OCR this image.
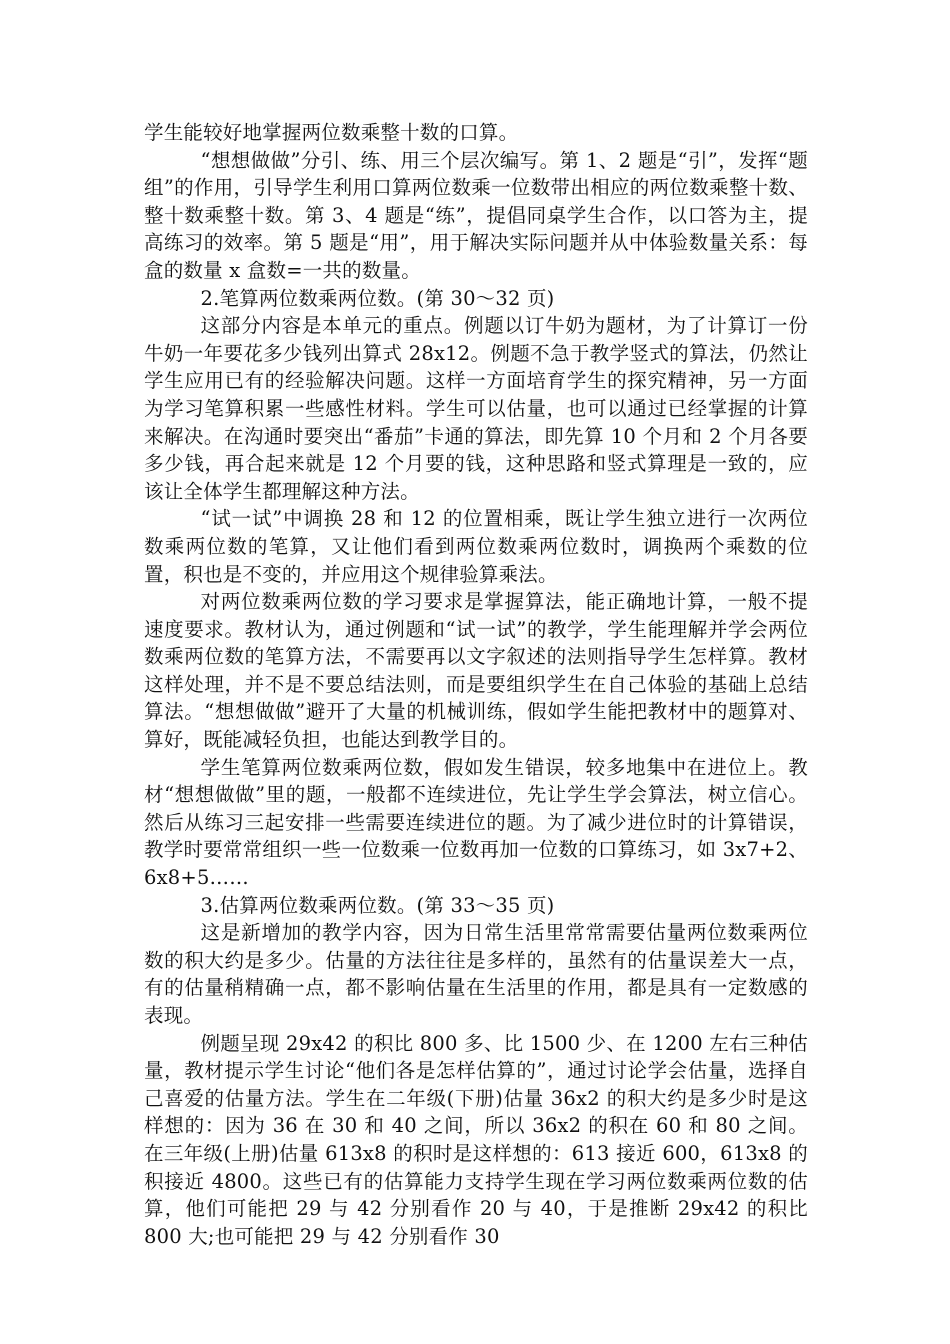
学生能较好地掌握两位数乘整十数的口算。

“想想做做”分引、练、用三个层次编写。第 1、2 题是“引”，发挥“题组”的作用，引导学生利用口算两位数乘一位数带出相应的两位数乘整十数、整十数乘整十数。第 3、4 题是“练”，提倡同桌学生合作，以口答为主，提高练习的效率。第 5 题是“用”，用于解决实际问题并从中体验数量关系：每盒的数量 x 盒数=一共的数量。

2.笔算两位数乘两位数。(第 30～32 页)

这部分内容是本单元的重点。例题以订牛奶为题材，为了计算订一份牛奶一年要花多少钱列出算式 28x12。例题不急于教学竖式的算法，仍然让学生应用已有的经验解决问题。这样一方面培育学生的探究精神，另一方面为学习笔算积累一些感性材料。学生可以估量，也可以通过已经掌握的计算来解决。在沟通时要突出“番茄”卡通的算法，即先算 10 个月和 2 个月各要多少钱，再合起来就是 12 个月要的钱，这种思路和竖式算理是一致的，应该让全体学生都理解这种方法。

“试一试”中调换 28 和 12 的位置相乘，既让学生独立进行一次两位数乘两位数的笔算，又让他们看到两位数乘两位数时，调换两个乘数的位置，积也是不变的，并应用这个规律验算乘法。

对两位数乘两位数的学习要求是掌握算法，能正确地计算，一般不提速度要求。教材认为，通过例题和“试一试”的教学，学生能理解并学会两位数乘两位数的笔算方法，不需要再以文字叙述的法则指导学生怎样算。教材这样处理，并不是不要总结法则，而是要组织学生在自己体验的基础上总结算法。“想想做做”避开了大量的机械训练，假如学生能把教材中的题算对、算好，既能减轻负担，也能达到教学目的。

学生笔算两位数乘两位数，假如发生错误，较多地集中在进位上。教材“想想做做”里的题，一般都不连续进位，先让学生学会算法，树立信心。然后从练习三起安排一些需要连续进位的题。为了减少进位时的计算错误，教学时要常常组织一些一位数乘一位数再加一位数的口算练习，如 3x7+2、6x8+5……

3.估算两位数乘两位数。(第 33～35 页)

这是新增加的教学内容，因为日常生活里常常需要估量两位数乘两位数的积大约是多少。估量的方法往往是多样的，虽然有的估量误差大一点，有的估量稍精确一点，都不影响估量在生活里的作用，都是具有一定数感的表现。

例题呈现 29x42 的积比 800 多、比 1500 少、在 1200 左右三种估量，教材提示学生讨论“他们各是怎样估算的”，通过讨论学会估量，选择自己喜爱的估量方法。学生在二年级(下册)估量 36x2 的积大约是多少时是这样想的：因为 36 在 30 和 40 之间，所以 36x2 的积在 60 和 80 之间。在三年级(上册)估量 613x8 的积时是这样想的：613 接近 600，613x8 的积接近 4800。这些已有的估算能力支持学生现在学习两位数乘两位数的估算，他们可能把 29 与 42 分别看作 20 与 40，于是推断 29x42 的积比 800 大;也可能把 29 与 42 分别看作 30
